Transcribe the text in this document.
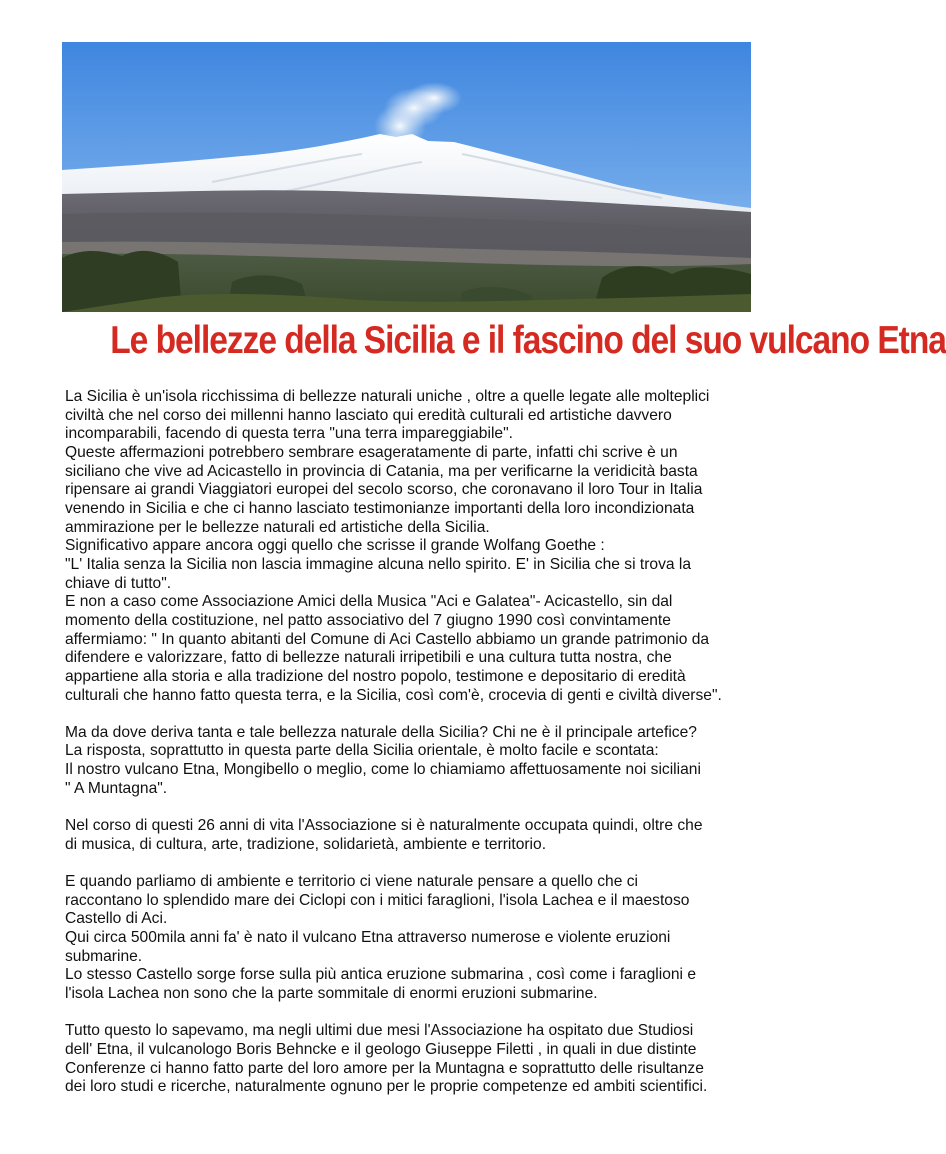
Le bellezze della Sicilia e il fascino del suo vulcano Etna

La Sicilia è un'isola ricchissima di bellezze naturali uniche , oltre a quelle legate alle molteplici

civiltà che nel corso dei millenni hanno lasciato qui eredità culturali ed artistiche davvero

incomparabili, facendo di questa terra "una terra impareggiabile".

Queste affermazioni potrebbero sembrare esageratamente di parte, infatti chi scrive è un

siciliano che vive ad Acicastello in provincia di Catania, ma per verificarne la veridicità basta

ripensare ai grandi Viaggiatori europei del secolo scorso, che coronavano il loro Tour in Italia

venendo in Sicilia e che ci hanno lasciato testimonianze importanti della loro incondizionata

ammirazione per le bellezze naturali ed artistiche della Sicilia.

Significativo appare ancora oggi quello che scrisse il grande Wolfang Goethe :

"L' Italia senza la Sicilia non lascia immagine alcuna nello spirito. E' in Sicilia che si trova la

chiave di tutto".

E non a caso come Associazione Amici della Musica "Aci e Galatea"- Acicastello, sin dal

momento della costituzione, nel patto associativo del 7 giugno 1990 così convintamente

affermiamo: " In quanto abitanti del Comune di Aci Castello abbiamo un grande patrimonio da

difendere e valorizzare, fatto di bellezze naturali irripetibili e una cultura tutta nostra, che

appartiene alla storia e alla tradizione del nostro popolo, testimone e depositario di eredità

culturali che hanno fatto questa terra, e la Sicilia, così com'è, crocevia di genti e civiltà diverse".

Ma da dove deriva tanta e tale bellezza naturale della Sicilia? Chi ne è il principale artefice?

La risposta, soprattutto in questa parte della Sicilia orientale, è molto facile e scontata:

Il nostro vulcano Etna, Mongibello o meglio, come lo chiamiamo affettuosamente noi siciliani

" A Muntagna".

Nel corso di questi 26 anni di vita l'Associazione si è naturalmente occupata quindi, oltre che

di musica, di cultura, arte, tradizione, solidarietà, ambiente e territorio.

E quando parliamo di ambiente e territorio ci viene naturale pensare a quello che ci

raccontano lo splendido mare dei Ciclopi con i mitici faraglioni, l'isola Lachea e il maestoso

Castello di Aci.

Qui circa 500mila anni fa' è nato il vulcano Etna attraverso numerose e violente eruzioni

submarine.

Lo stesso Castello sorge forse sulla più antica eruzione submarina , così come i faraglioni e

l'isola Lachea non sono che la parte sommitale di enormi eruzioni submarine.

Tutto questo lo sapevamo, ma negli ultimi due mesi l'Associazione ha ospitato due Studiosi

dell' Etna, il vulcanologo Boris Behncke e il geologo Giuseppe Filetti , in quali in due distinte

Conferenze ci hanno fatto parte del loro amore per la Muntagna e soprattutto delle risultanze

dei loro studi e ricerche, naturalmente ognuno per le proprie competenze ed ambiti scientifici.
